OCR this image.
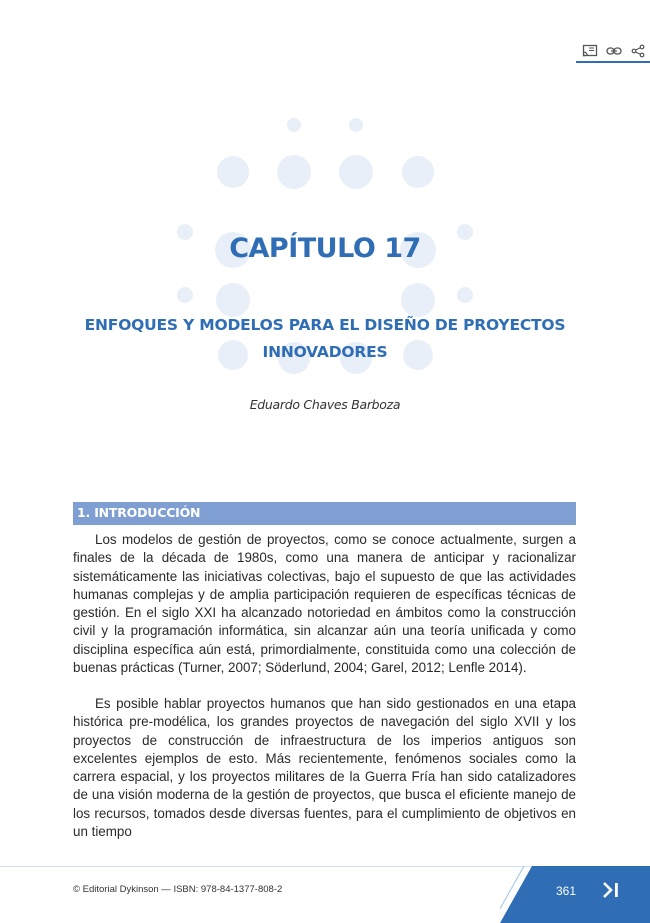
CAPÍTULO 17
ENFOQUES Y MODELOS PARA EL DISEÑO DE PROYECTOS
INNOVADORES
Eduardo Chaves Barboza
1. INTRODUCCIÓN

Los modelos de gestión de proyectos, como se conoce actualmente, surgen a finales de la década de 1980s, como una manera de anticipar y racionalizar sistemáticamente las iniciativas colectivas, bajo el supuesto de que las actividades humanas complejas y de amplia participación requieren de específicas técnicas de gestión. En el siglo XXI ha alcanzado notoriedad en ámbitos como la construcción civil y la programación informática, sin alcanzar aún una teoría unificada y como disciplina específica aún está, primordialmente, constituida como una colección de buenas prácticas (Turner, 2007; Söderlund, 2004; Garel, 2012; Lenfle 2014).

Es posible hablar proyectos humanos que han sido gestionados en una etapa histórica pre-modélica, los grandes proyectos de navegación del siglo XVII y los proyectos de construcción de infraestructura de los imperios antiguos son excelentes ejemplos de esto. Más recientemente, fenómenos sociales como la carrera espacial, y los proyectos militares de la Guerra Fría han sido catalizadores de una visión moderna de la gestión de proyectos, que busca el eficiente manejo de los recursos, tomados desde diversas fuentes, para el cumplimiento de objetivos en un tiempo

© Editorial Dykinson — ISBN: 978-84-1377-808-2	361
